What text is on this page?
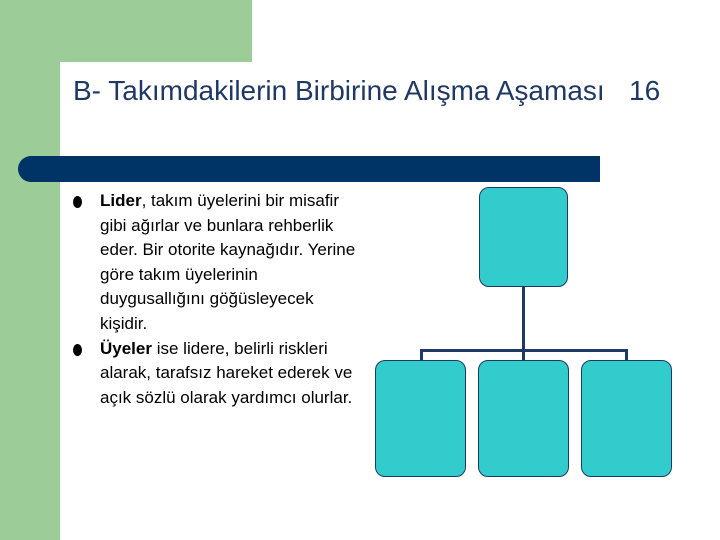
B- Takımdakilerin Birbirine Alışma Aşaması 16
Lider, takım üyelerini bir misafir gibi ağırlar ve bunlara rehberlik eder. Bir otorite kaynağıdır. Yerine göre takım üyelerinin duygusallığını göğüsleyecek kişidir.
Üyeler ise lidere, belirli riskleri alarak, tarafsız hareket ederek ve açık sözlü olarak yardımcı olurlar.
